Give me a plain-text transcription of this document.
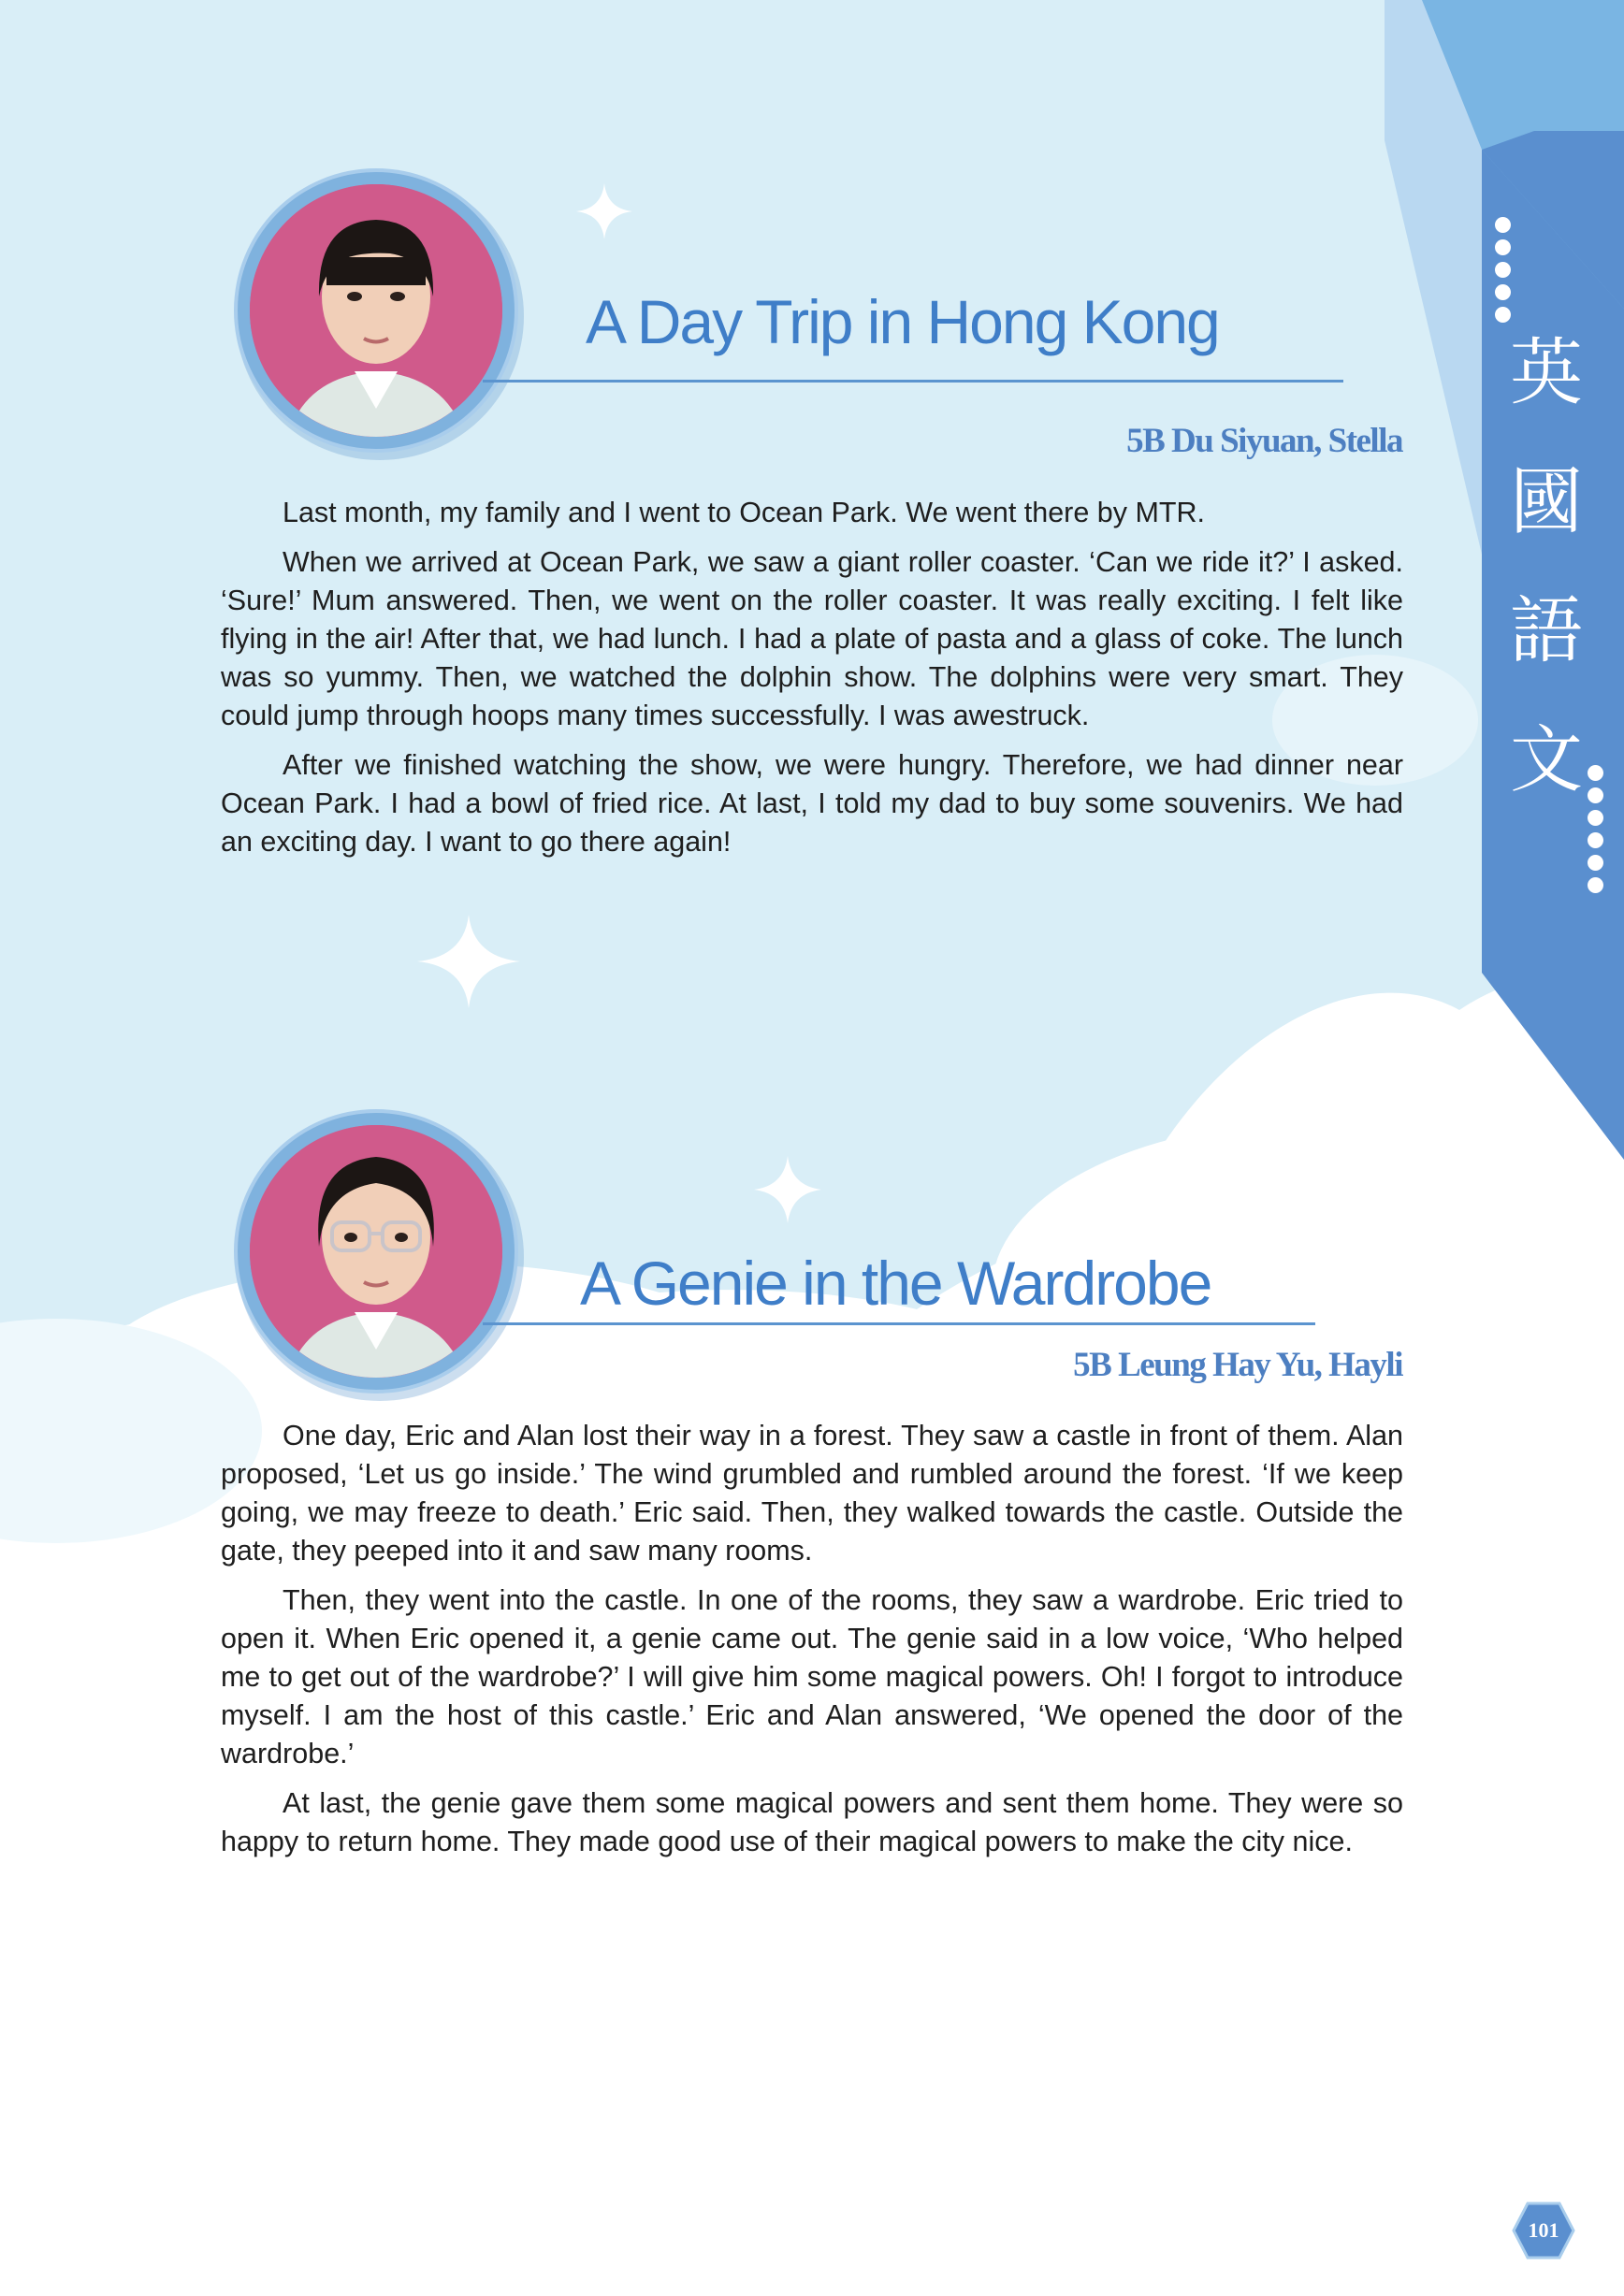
英
國
語
文
A Day Trip in Hong Kong
5B Du Siyuan, Stella

Last month, my family and I went to Ocean Park. We went there by MTR.

When we arrived at Ocean Park, we saw a giant roller coaster. ‘Can we ride it?’ I asked. ‘Sure!’ Mum answered. Then, we went on the roller coaster. It was really exciting. I felt like flying in the air! After that, we had lunch. I had a plate of pasta and a glass of coke. The lunch was so yummy. Then, we watched the dolphin show. The dolphins were very smart. They could jump through hoops many times successfully. I was awestruck.

After we finished watching the show, we were hungry. Therefore, we had dinner near Ocean Park. I had a bowl of fried rice. At last, I told my dad to buy some souvenirs. We had an exciting day. I want to go there again!

A Genie in the Wardrobe
5B Leung Hay Yu, Hayli

One day, Eric and Alan lost their way in a forest. They saw a castle in front of them. Alan proposed, ‘Let us go inside.’ The wind grumbled and rumbled around the forest. ‘If we keep going, we may freeze to death.’ Eric said. Then, they walked towards the castle. Outside the gate, they peeped into it and saw many rooms.

Then, they went into the castle. In one of the rooms, they saw a wardrobe. Eric tried to open it. When Eric opened it, a genie came out. The genie said in a low voice, ‘Who helped me to get out of the wardrobe?’ I will give him some magical powers. Oh! I forgot to introduce myself. I am the host of this castle.’ Eric and Alan answered, ‘We opened the door of the wardrobe.’

At last, the genie gave them some magical powers and sent them home. They were so happy to return home. They made good use of their magical powers to make the city nice.

101
